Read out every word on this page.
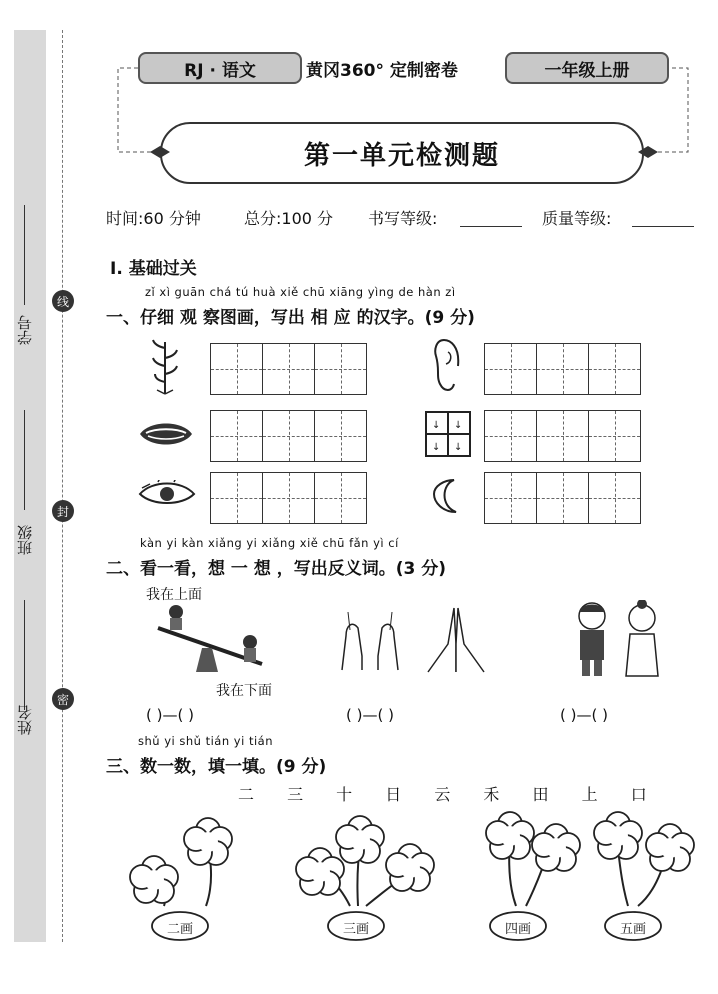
学号
班级
姓名
线
封
密
RJ · 语文	黄冈360° 定制密卷	一年级上册
第一单元检测题
时间:60 分钟	总分:100 分 书写等级:	质量等级:
Ⅰ. 基础过关
zǐ xì guān chá tú huà xiě chū xiāng yìng de hàn zì
一、仔细 观 察图画，写出 相 应 的汉字。(9 分)
↓ ↓
↓ ↓
kàn yi kàn xiǎng yi xiǎng xiě chū fǎn yì cí
二、看一看，想 一 想 ，写出反义词。(3 分)
我在上面
我在下面
( )—( )	( )—( )	( )—( )
shǔ yi shǔ tián yi tián
三、数一数，填一填。(9 分)
二 三 十 日 云 禾 田 上 口
二画	三画	四画	五画
